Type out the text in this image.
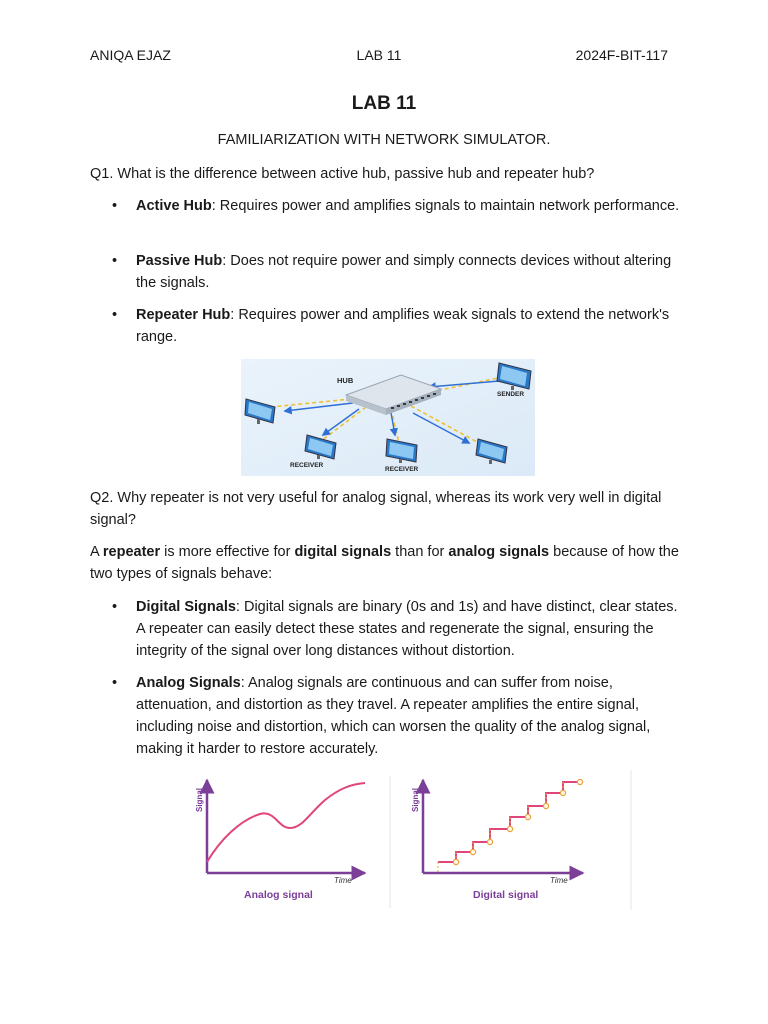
ANIQA EJAZ	LAB 11	2024F-BIT-117
LAB 11
FAMILIARIZATION WITH NETWORK SIMULATOR.

Q1. What is the difference between active hub, passive hub and repeater hub?

• Active Hub: Requires power and amplifies signals to maintain network performance.
• Passive Hub: Does not require power and simply connects devices without altering the signals.
• Repeater Hub: Requires power and amplifies weak signals to extend the network's range.
HUB
SENDER
RECEIVER
RECEIVER

Q2. Why repeater is not very useful for analog signal, whereas its work very well in digital signal?

A repeater is more effective for digital signals than for analog signals because of how the two types of signals behave:

• Digital Signals: Digital signals are binary (0s and 1s) and have distinct, clear states. A repeater can easily detect these states and regenerate the signal, ensuring the integrity of the signal over long distances without distortion.
• Analog Signals: Analog signals are continuous and can suffer from noise, attenuation, and distortion as they travel. A repeater amplifies the entire signal, including noise and distortion, which can worsen the quality of the analog signal, making it harder to restore accurately.
Signal
Time
Analog signal
Signal
Time
Digital signal
